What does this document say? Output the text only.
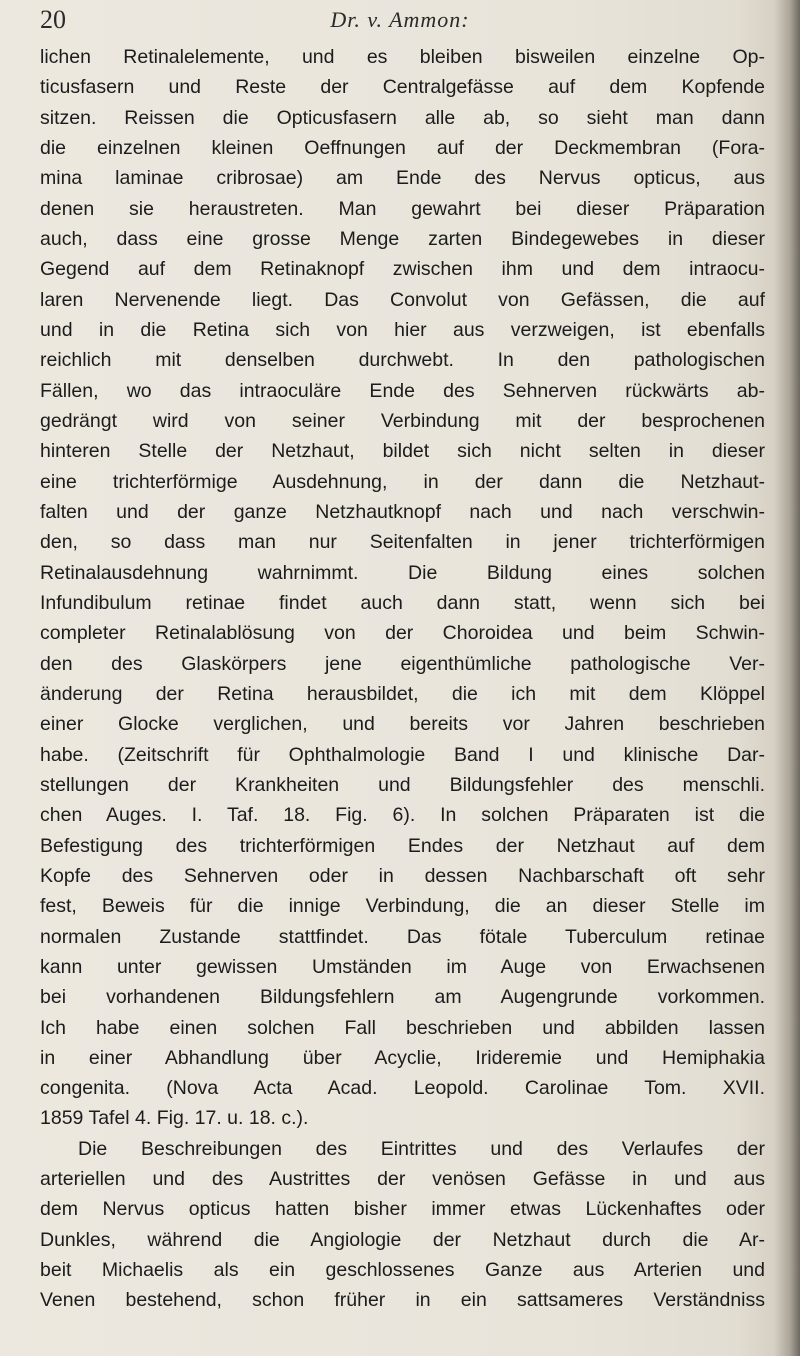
20	Dr. v. Ammon:
lichen Retinalelemente, und es bleiben bisweilen einzelne Op-
ticusfasern und Reste der Centralgefässe auf dem Kopfende
sitzen. Reissen die Opticusfasern alle ab, so sieht man dann
die einzelnen kleinen Oeffnungen auf der Deckmembran (Fora-
mina laminae cribrosae) am Ende des Nervus opticus, aus
denen sie heraustreten. Man gewahrt bei dieser Präparation
auch, dass eine grosse Menge zarten Bindegewebes in dieser
Gegend auf dem Retinaknopf zwischen ihm und dem intraocu-
laren Nervenende liegt. Das Convolut von Gefässen, die auf
und in die Retina sich von hier aus verzweigen, ist ebenfalls
reichlich mit denselben durchwebt. In den pathologischen
Fällen, wo das intraoculäre Ende des Sehnerven rückwärts ab-
gedrängt wird von seiner Verbindung mit der besprochenen
hinteren Stelle der Netzhaut, bildet sich nicht selten in dieser
eine trichterförmige Ausdehnung, in der dann die Netzhaut-
falten und der ganze Netzhautknopf nach und nach verschwin-
den, so dass man nur Seitenfalten in jener trichterförmigen
Retinalausdehnung wahrnimmt. Die Bildung eines solchen
Infundibulum retinae findet auch dann statt, wenn sich bei
completer Retinalablösung von der Choroidea und beim Schwin-
den des Glaskörpers jene eigenthümliche pathologische Ver-
änderung der Retina herausbildet, die ich mit dem Klöppel
einer Glocke verglichen, und bereits vor Jahren beschrieben
habe. (Zeitschrift für Ophthalmologie Band I und klinische Dar-
stellungen der Krankheiten und Bildungsfehler des menschli.
chen Auges. I. Taf. 18. Fig. 6). In solchen Präparaten ist die
Befestigung des trichterförmigen Endes der Netzhaut auf dem
Kopfe des Sehnerven oder in dessen Nachbarschaft oft sehr
fest, Beweis für die innige Verbindung, die an dieser Stelle im
normalen Zustande stattfindet. Das fötale Tuberculum retinae
kann unter gewissen Umständen im Auge von Erwachsenen
bei vorhandenen Bildungsfehlern am Augengrunde vorkommen.
Ich habe einen solchen Fall beschrieben und abbilden lassen
in einer Abhandlung über Acyclie, Irideremie und Hemiphakia
congenita. (Nova Acta Acad. Leopold. Carolinae Tom. XVII.
1859 Tafel 4. Fig. 17. u. 18. c.).
Die Beschreibungen des Eintrittes und des Verlaufes der
arteriellen und des Austrittes der venösen Gefässe in und aus
dem Nervus opticus hatten bisher immer etwas Lückenhaftes oder
Dunkles, während die Angiologie der Netzhaut durch die Ar-
beit Michaelis als ein geschlossenes Ganze aus Arterien und
Venen bestehend, schon früher in ein sattsameres Verständniss
